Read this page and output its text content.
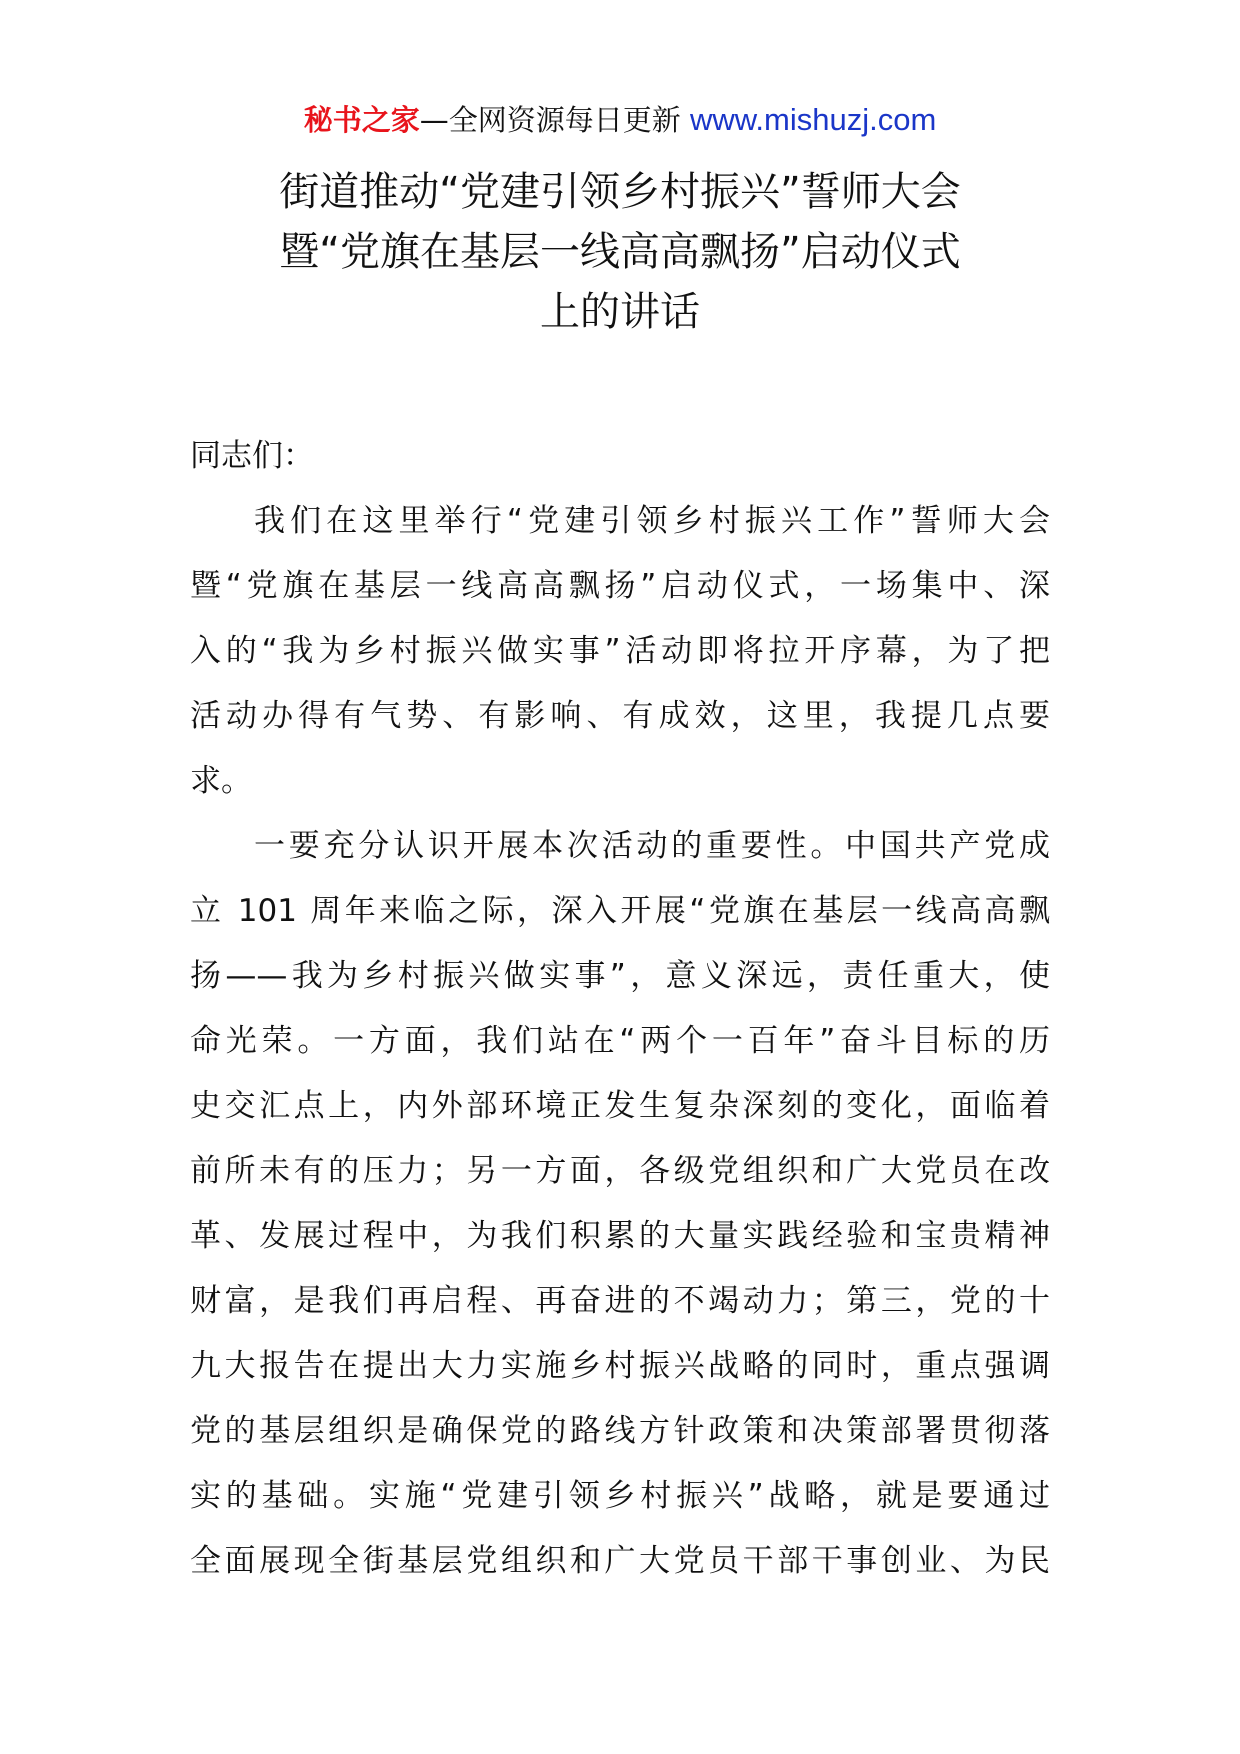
秘书之家—全网资源每日更新 www.mishuzj.com
街道推动“党建引领乡村振兴”誓师大会
暨“党旗在基层一线高高飘扬”启动仪式
上的讲话

同志们：

我们在这里举行“党建引领乡村振兴工作”誓师大会
暨“党旗在基层一线高高飘扬”启动仪式，一场集中、深
入的“我为乡村振兴做实事”活动即将拉开序幕，为了把
活动办得有气势、有影响、有成效，这里，我提几点要
求。

一要充分认识开展本次活动的重要性。中国共产党成
立 101 周年来临之际，深入开展“党旗在基层一线高高飘
扬——我为乡村振兴做实事”，意义深远，责任重大，使
命光荣。一方面，我们站在“两个一百年”奋斗目标的历
史交汇点上，内外部环境正发生复杂深刻的变化，面临着
前所未有的压力；另一方面，各级党组织和广大党员在改
革、发展过程中，为我们积累的大量实践经验和宝贵精神
财富，是我们再启程、再奋进的不竭动力；第三，党的十
九大报告在提出大力实施乡村振兴战略的同时，重点强调
党的基层组织是确保党的路线方针政策和决策部署贯彻落
实的基础。实施“党建引领乡村振兴”战略，就是要通过
全面展现全街基层党组织和广大党员干部干事创业、为民
